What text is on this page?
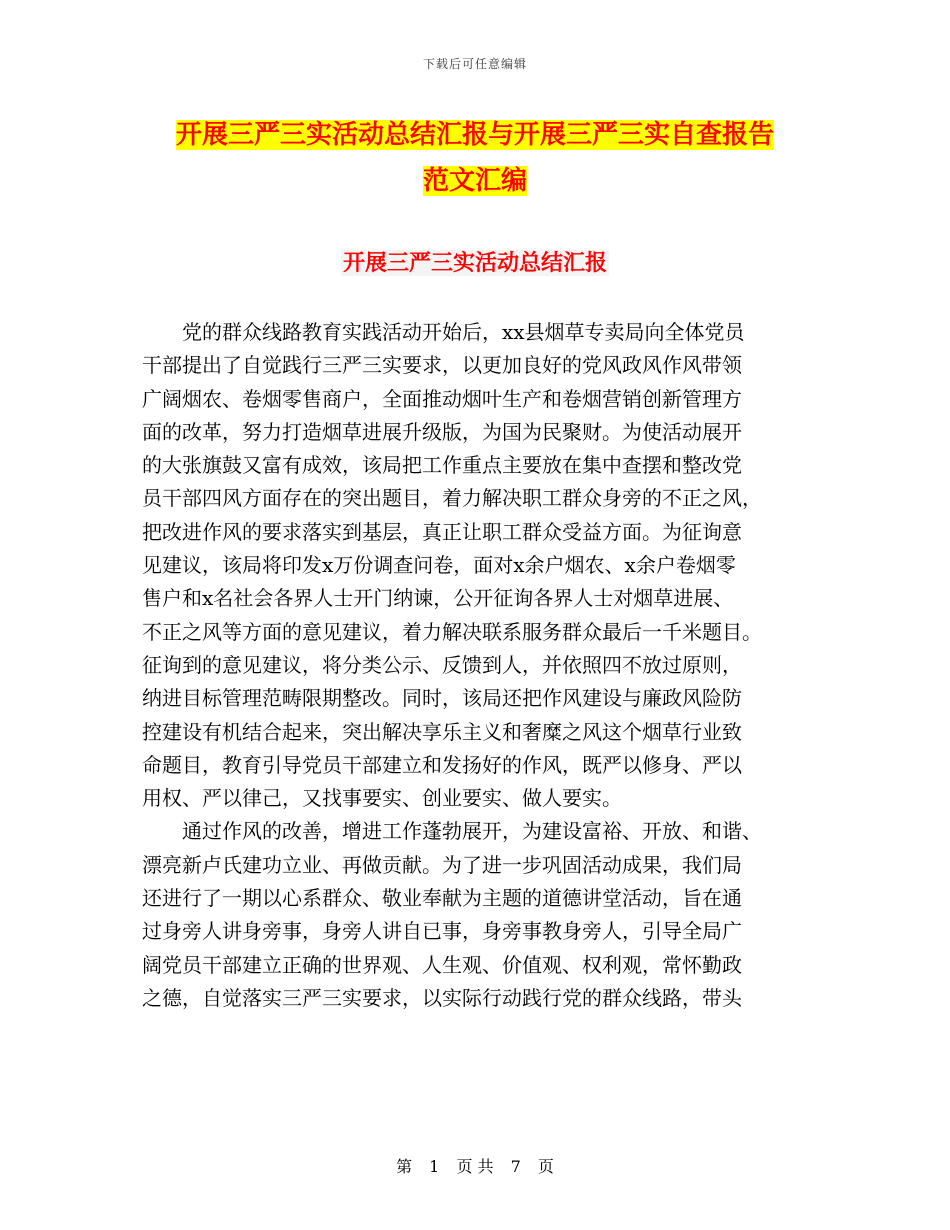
下载后可任意编辑
开展三严三实活动总结汇报与开展三严三实自查报告
范文汇编
开展三严三实活动总结汇报

党的群众线路教育实践活动开始后，xx县烟草专卖局向全体党员
干部提出了自觉践行三严三实要求，以更加良好的党风政风作风带领
广阔烟农、卷烟零售商户，全面推动烟叶生产和卷烟营销创新管理方
面的改革，努力打造烟草进展升级版，为国为民聚财。为使活动展开
的大张旗鼓又富有成效，该局把工作重点主要放在集中查摆和整改党
员干部四风方面存在的突出题目，着力解决职工群众身旁的不正之风，
把改进作风的要求落实到基层，真正让职工群众受益方面。为征询意
见建议，该局将印发x万份调查问卷，面对x余户烟农、x余户卷烟零
售户和x名社会各界人士开门纳谏，公开征询各界人士对烟草进展、
不正之风等方面的意见建议，着力解决联系服务群众最后一千米题目。
征询到的意见建议，将分类公示、反馈到人，并依照四不放过原则，
纳进目标管理范畴限期整改。同时，该局还把作风建设与廉政风险防
控建设有机结合起来，突出解决享乐主义和奢糜之风这个烟草行业致
命题目，教育引导党员干部建立和发扬好的作风，既严以修身、严以
用权、严以律己，又找事要实、创业要实、做人要实。

通过作风的改善，增进工作蓬勃展开，为建设富裕、开放、和谐、
漂亮新卢氏建功立业、再做贡献。为了进一步巩固活动成果，我们局
还进行了一期以心系群众、敬业奉献为主题的道德讲堂活动，旨在通
过身旁人讲身旁事，身旁人讲自已事，身旁事教身旁人，引导全局广
阔党员干部建立正确的世界观、人生观、价值观、权利观，常怀勤政
之德，自觉落实三严三实要求，以实际行动践行党的群众线路，带头

第 1 页 共 7 页
